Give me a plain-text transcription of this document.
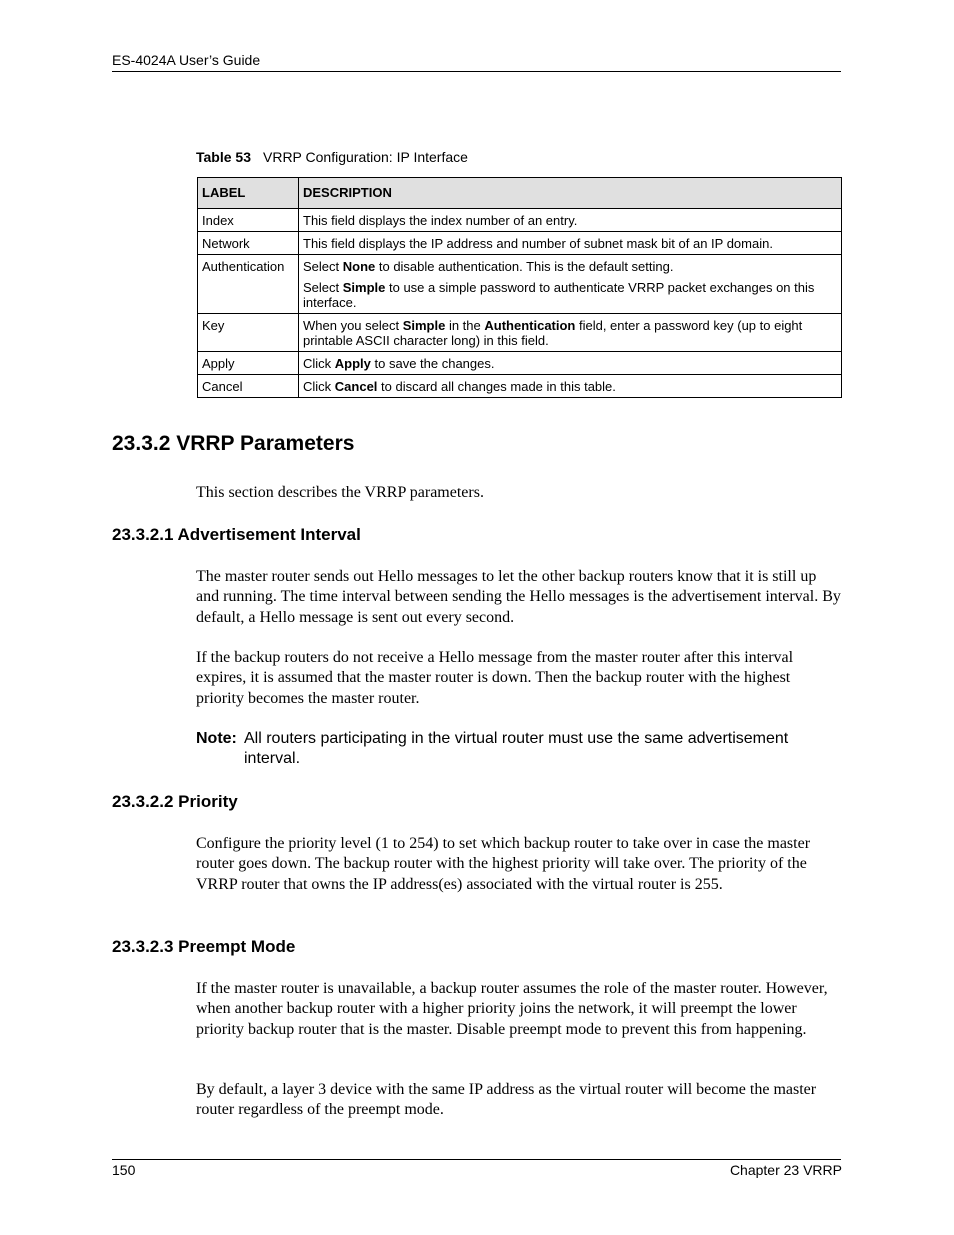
ES-4024A User’s Guide
Table 53 VRRP Configuration: IP Interface
LABEL	DESCRIPTION
Index	This field displays the index number of an entry.
Network	This field displays the IP address and number of subnet mask bit of an IP domain.
Authentication	Select None to disable authentication. This is the default setting.

Select Simple to use a simple password to authenticate VRRP packet exchanges on this interface.

Key	When you select Simple in the Authentication field, enter a password key (up to eight printable ASCII character long) in this field.
Apply	Click Apply to save the changes.
Cancel	Click Cancel to discard all changes made in this table.
23.3.2 VRRP Parameters

This section describes the VRRP parameters.

23.3.2.1 Advertisement Interval

The master router sends out Hello messages to let the other backup routers know that it is still up and running. The time interval between sending the Hello messages is the advertisement interval. By default, a Hello message is sent out every second.

If the backup routers do not receive a Hello message from the master router after this interval expires, it is assumed that the master router is down. Then the backup router with the highest priority becomes the master router.

Note: All routers participating in the virtual router must use the same advertisement interval.
23.3.2.2 Priority

Configure the priority level (1 to 254) to set which backup router to take over in case the master router goes down. The backup router with the highest priority will take over. The priority of the VRRP router that owns the IP address(es) associated with the virtual router is 255.

23.3.2.3 Preempt Mode

If the master router is unavailable, a backup router assumes the role of the master router. However, when another backup router with a higher priority joins the network, it will preempt the lower priority backup router that is the master. Disable preempt mode to prevent this from happening.

By default, a layer 3 device with the same IP address as the virtual router will become the master router regardless of the preempt mode.

150	Chapter 23 VRRP
